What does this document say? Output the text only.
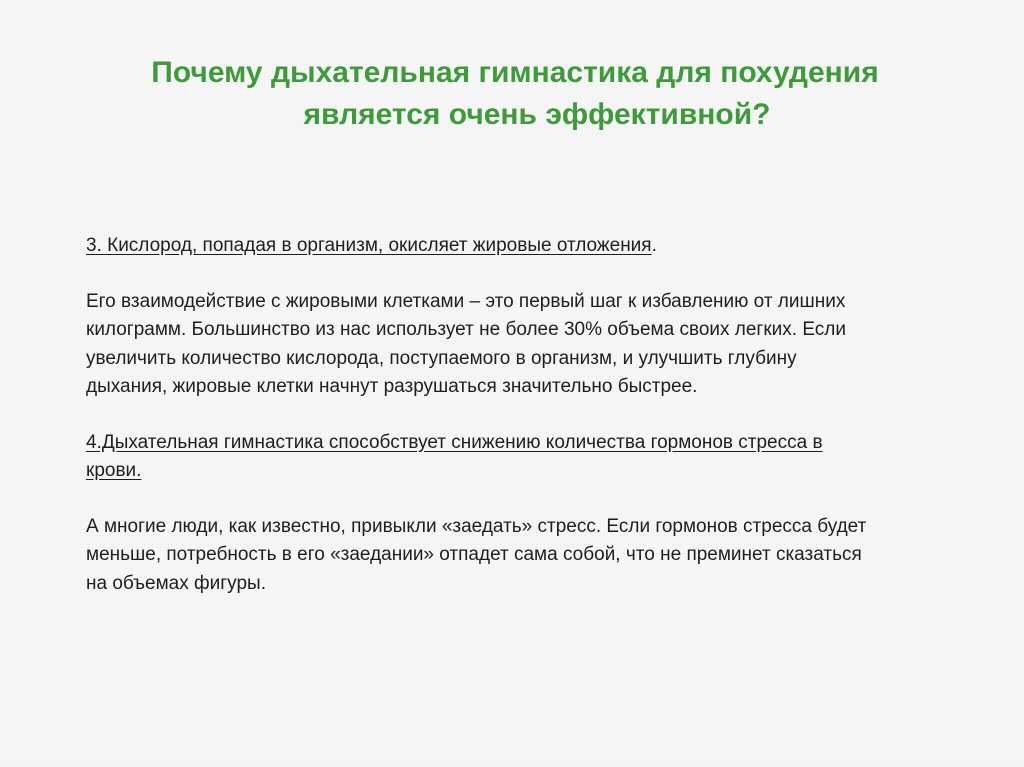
Почему дыхательная гимнастика для похудения
является очень эффективной?

3. Кислород, попадая в организм, окисляет жировые отложения.

Его взаимодействие с жировыми клетками – это первый шаг к избавлению от лишних
килограмм. Большинство из нас использует не более 30% объема своих легких. Если
увеличить количество кислорода, поступаемого в организм, и улучшить глубину
дыхания, жировые клетки начнут разрушаться значительно быстрее.

4.Дыхательная гимнастика способствует снижению количества гормонов стресса в
крови.

А многие люди, как известно, привыкли «заедать» стресс. Если гормонов стресса будет
меньше, потребность в его «заедании» отпадет сама собой, что не преминет сказаться
на объемах фигуры.
